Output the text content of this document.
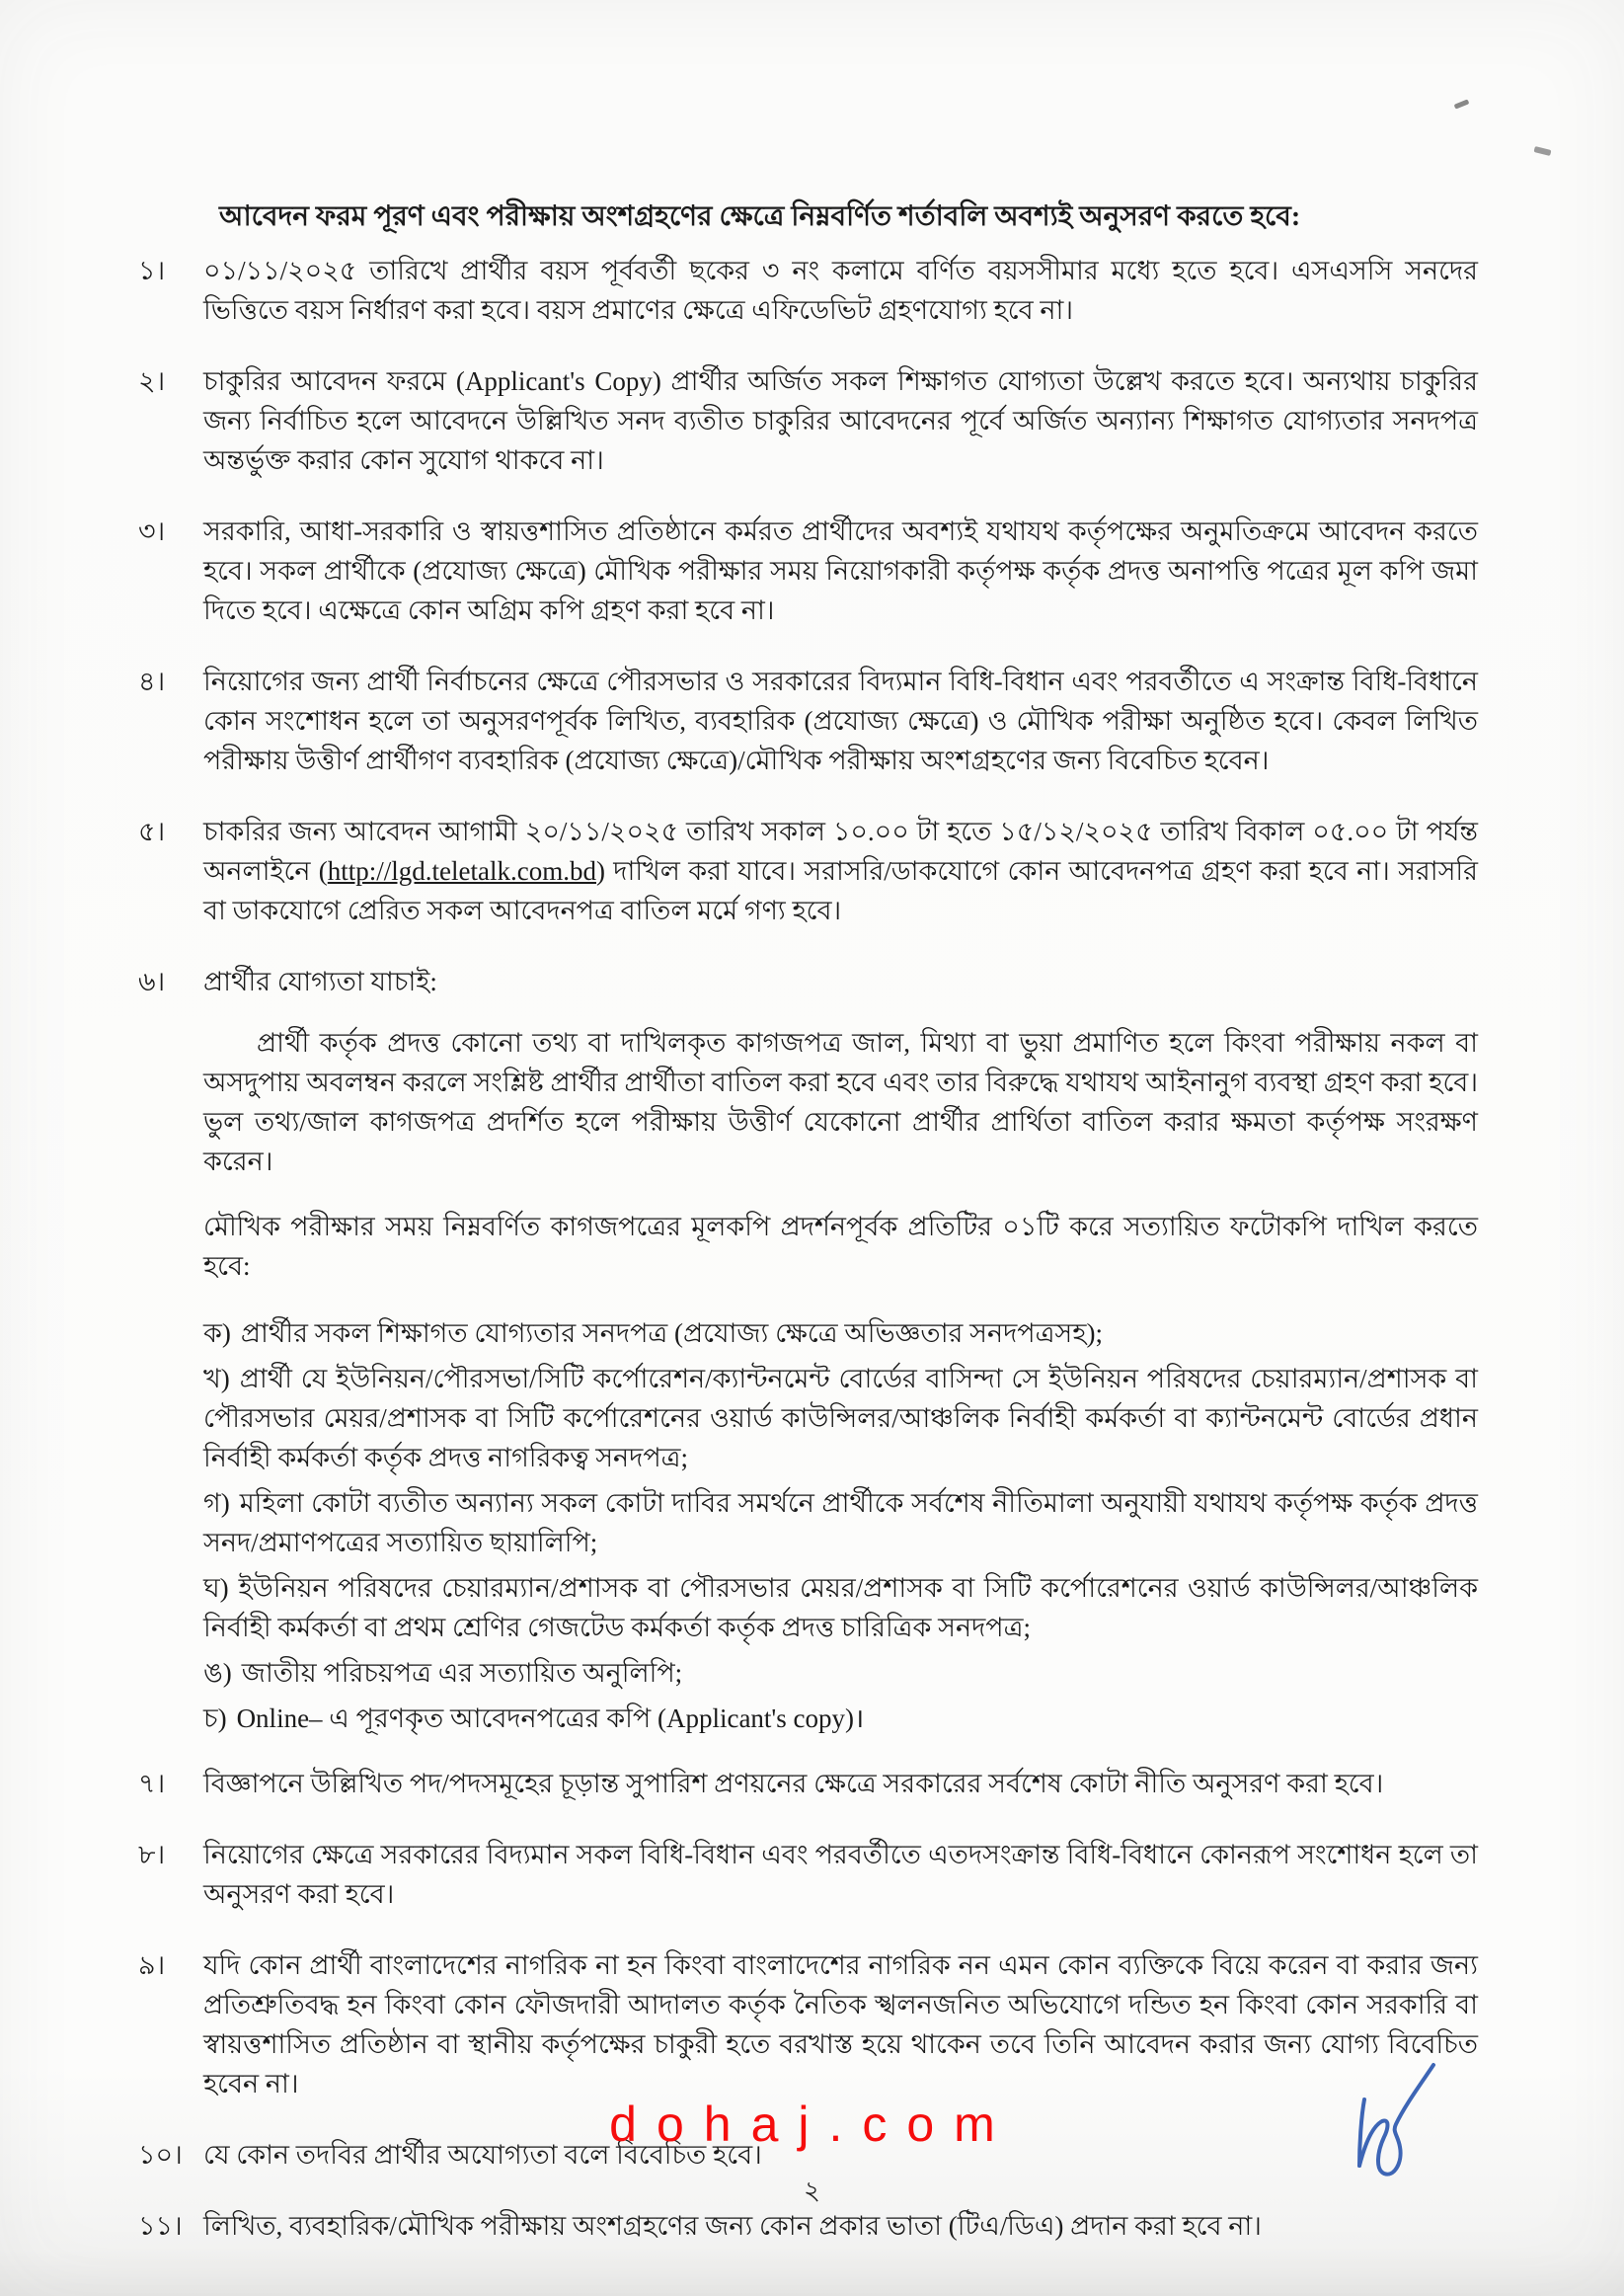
আবেদন ফরম পূরণ এবং পরীক্ষায় অংশগ্রহণের ক্ষেত্রে নিম্নবর্ণিত শর্তাবলি অবশ্যই অনুসরণ করতে হবে:
১।	০১/১১/২০২৫ তারিখে প্রার্থীর বয়স পূর্ববর্তী ছকের ৩ নং কলামে বর্ণিত বয়সসীমার মধ্যে হতে হবে। এসএসসি সনদের ভিত্তিতে বয়স নির্ধারণ করা হবে। বয়স প্রমাণের ক্ষেত্রে এফিডেভিট গ্রহণযোগ্য হবে না।
২।	চাকুরির আবেদন ফরমে (Applicant's Copy) প্রার্থীর অর্জিত সকল শিক্ষাগত যোগ্যতা উল্লেখ করতে হবে। অন্যথায় চাকুরির জন্য নির্বাচিত হলে আবেদনে উল্লিখিত সনদ ব্যতীত চাকুরির আবেদনের পূর্বে অর্জিত অন্যান্য শিক্ষাগত যোগ্যতার সনদপত্র অন্তর্ভুক্ত করার কোন সুযোগ থাকবে না।
৩।	সরকারি, আধা-সরকারি ও স্বায়ত্তশাসিত প্রতিষ্ঠানে কর্মরত প্রার্থীদের অবশ্যই যথাযথ কর্তৃপক্ষের অনুমতিক্রমে আবেদন করতে হবে। সকল প্রার্থীকে (প্রযোজ্য ক্ষেত্রে) মৌখিক পরীক্ষার সময় নিয়োগকারী কর্তৃপক্ষ কর্তৃক প্রদত্ত অনাপত্তি পত্রের মূল কপি জমা দিতে হবে। এক্ষেত্রে কোন অগ্রিম কপি গ্রহণ করা হবে না।
৪।	নিয়োগের জন্য প্রার্থী নির্বাচনের ক্ষেত্রে পৌরসভার ও সরকারের বিদ্যমান বিধি-বিধান এবং পরবর্তীতে এ সংক্রান্ত বিধি-বিধানে কোন সংশোধন হলে তা অনুসরণপূর্বক লিখিত, ব্যবহারিক (প্রযোজ্য ক্ষেত্রে) ও মৌখিক পরীক্ষা অনুষ্ঠিত হবে। কেবল লিখিত পরীক্ষায় উত্তীর্ণ প্রার্থীগণ ব্যবহারিক (প্রযোজ্য ক্ষেত্রে)/মৌখিক পরীক্ষায় অংশগ্রহণের জন্য বিবেচিত হবেন।
৫।	চাকরির জন্য আবেদন আগামী ২০/১১/২০২৫ তারিখ সকাল ১০.০০ টা হতে ১৫/১২/২০২৫ তারিখ বিকাল ০৫.০০ টা পর্যন্ত অনলাইনে (http://lgd.teletalk.com.bd) দাখিল করা যাবে। সরাসরি/ডাকযোগে কোন আবেদনপত্র গ্রহণ করা হবে না। সরাসরি বা ডাকযোগে প্রেরিত সকল আবেদনপত্র বাতিল মর্মে গণ্য হবে।
৬।	প্রার্থীর যোগ্যতা যাচাই:
প্রার্থী কর্তৃক প্রদত্ত কোনো তথ্য বা দাখিলকৃত কাগজপত্র জাল, মিথ্যা বা ভুয়া প্রমাণিত হলে কিংবা পরীক্ষায় নকল বা অসদুপায় অবলম্বন করলে সংশ্লিষ্ট প্রার্থীর প্রার্থীতা বাতিল করা হবে এবং তার বিরুদ্ধে যথাযথ আইনানুগ ব্যবস্থা গ্রহণ করা হবে। ভুল তথ্য/জাল কাগজপত্র প্রদর্শিত হলে পরীক্ষায় উত্তীর্ণ যেকোনো প্রার্থীর প্রার্থিতা বাতিল করার ক্ষমতা কর্তৃপক্ষ সংরক্ষণ করেন।
মৌখিক পরীক্ষার সময় নিম্নবর্ণিত কাগজপত্রের মূলকপি প্রদর্শনপূর্বক প্রতিটির ০১টি করে সত্যায়িত ফটোকপি দাখিল করতে হবে:
ক) প্রার্থীর সকল শিক্ষাগত যোগ্যতার সনদপত্র (প্রযোজ্য ক্ষেত্রে অভিজ্ঞতার সনদপত্রসহ);
খ) প্রার্থী যে ইউনিয়ন/পৌরসভা/সিটি কর্পোরেশন/ক্যান্টনমেন্ট বোর্ডের বাসিন্দা সে ইউনিয়ন পরিষদের চেয়ারম্যান/প্রশাসক বা পৌরসভার মেয়র/প্রশাসক বা সিটি কর্পোরেশনের ওয়ার্ড কাউন্সিলর/আঞ্চলিক নির্বাহী কর্মকর্তা বা ক্যান্টনমেন্ট বোর্ডের প্রধান নির্বাহী কর্মকর্তা কর্তৃক প্রদত্ত নাগরিকত্ব সনদপত্র;
গ) মহিলা কোটা ব্যতীত অন্যান্য সকল কোটা দাবির সমর্থনে প্রার্থীকে সর্বশেষ নীতিমালা অনুযায়ী যথাযথ কর্তৃপক্ষ কর্তৃক প্রদত্ত সনদ/প্রমাণপত্রের সত্যায়িত ছায়ালিপি;
ঘ) ইউনিয়ন পরিষদের চেয়ারম্যান/প্রশাসক বা পৌরসভার মেয়র/প্রশাসক বা সিটি কর্পোরেশনের ওয়ার্ড কাউন্সিলর/আঞ্চলিক নির্বাহী কর্মকর্তা বা প্রথম শ্রেণির গেজটেড কর্মকর্তা কর্তৃক প্রদত্ত চারিত্রিক সনদপত্র;
ঙ) জাতীয় পরিচয়পত্র এর সত্যায়িত অনুলিপি;
চ) Online– এ পূরণকৃত আবেদনপত্রের কপি (Applicant's copy)।
৭।	বিজ্ঞাপনে উল্লিখিত পদ/পদসমূহের চূড়ান্ত সুপারিশ প্রণয়নের ক্ষেত্রে সরকারের সর্বশেষ কোটা নীতি অনুসরণ করা হবে।
৮।	নিয়োগের ক্ষেত্রে সরকারের বিদ্যমান সকল বিধি-বিধান এবং পরবর্তীতে এতদসংক্রান্ত বিধি-বিধানে কোনরূপ সংশোধন হলে তা অনুসরণ করা হবে।
৯।	যদি কোন প্রার্থী বাংলাদেশের নাগরিক না হন কিংবা বাংলাদেশের নাগরিক নন এমন কোন ব্যক্তিকে বিয়ে করেন বা করার জন্য প্রতিশ্রুতিবদ্ধ হন কিংবা কোন ফৌজদারী আদালত কর্তৃক নৈতিক স্খলনজনিত অভিযোগে দন্ডিত হন কিংবা কোন সরকারি বা স্বায়ত্তশাসিত প্রতিষ্ঠান বা স্থানীয় কর্তৃপক্ষের চাকুরী হতে বরখাস্ত হয়ে থাকেন তবে তিনি আবেদন করার জন্য যোগ্য বিবেচিত হবেন না।
১০। যে কোন তদবির প্রার্থীর অযোগ্যতা বলে বিবেচিত হবে।
১১। লিখিত, ব্যবহারিক/মৌখিক পরীক্ষায় অংশগ্রহণের জন্য কোন প্রকার ভাতা (টিএ/ডিএ) প্রদান করা হবে না।
dohaj.com
২
